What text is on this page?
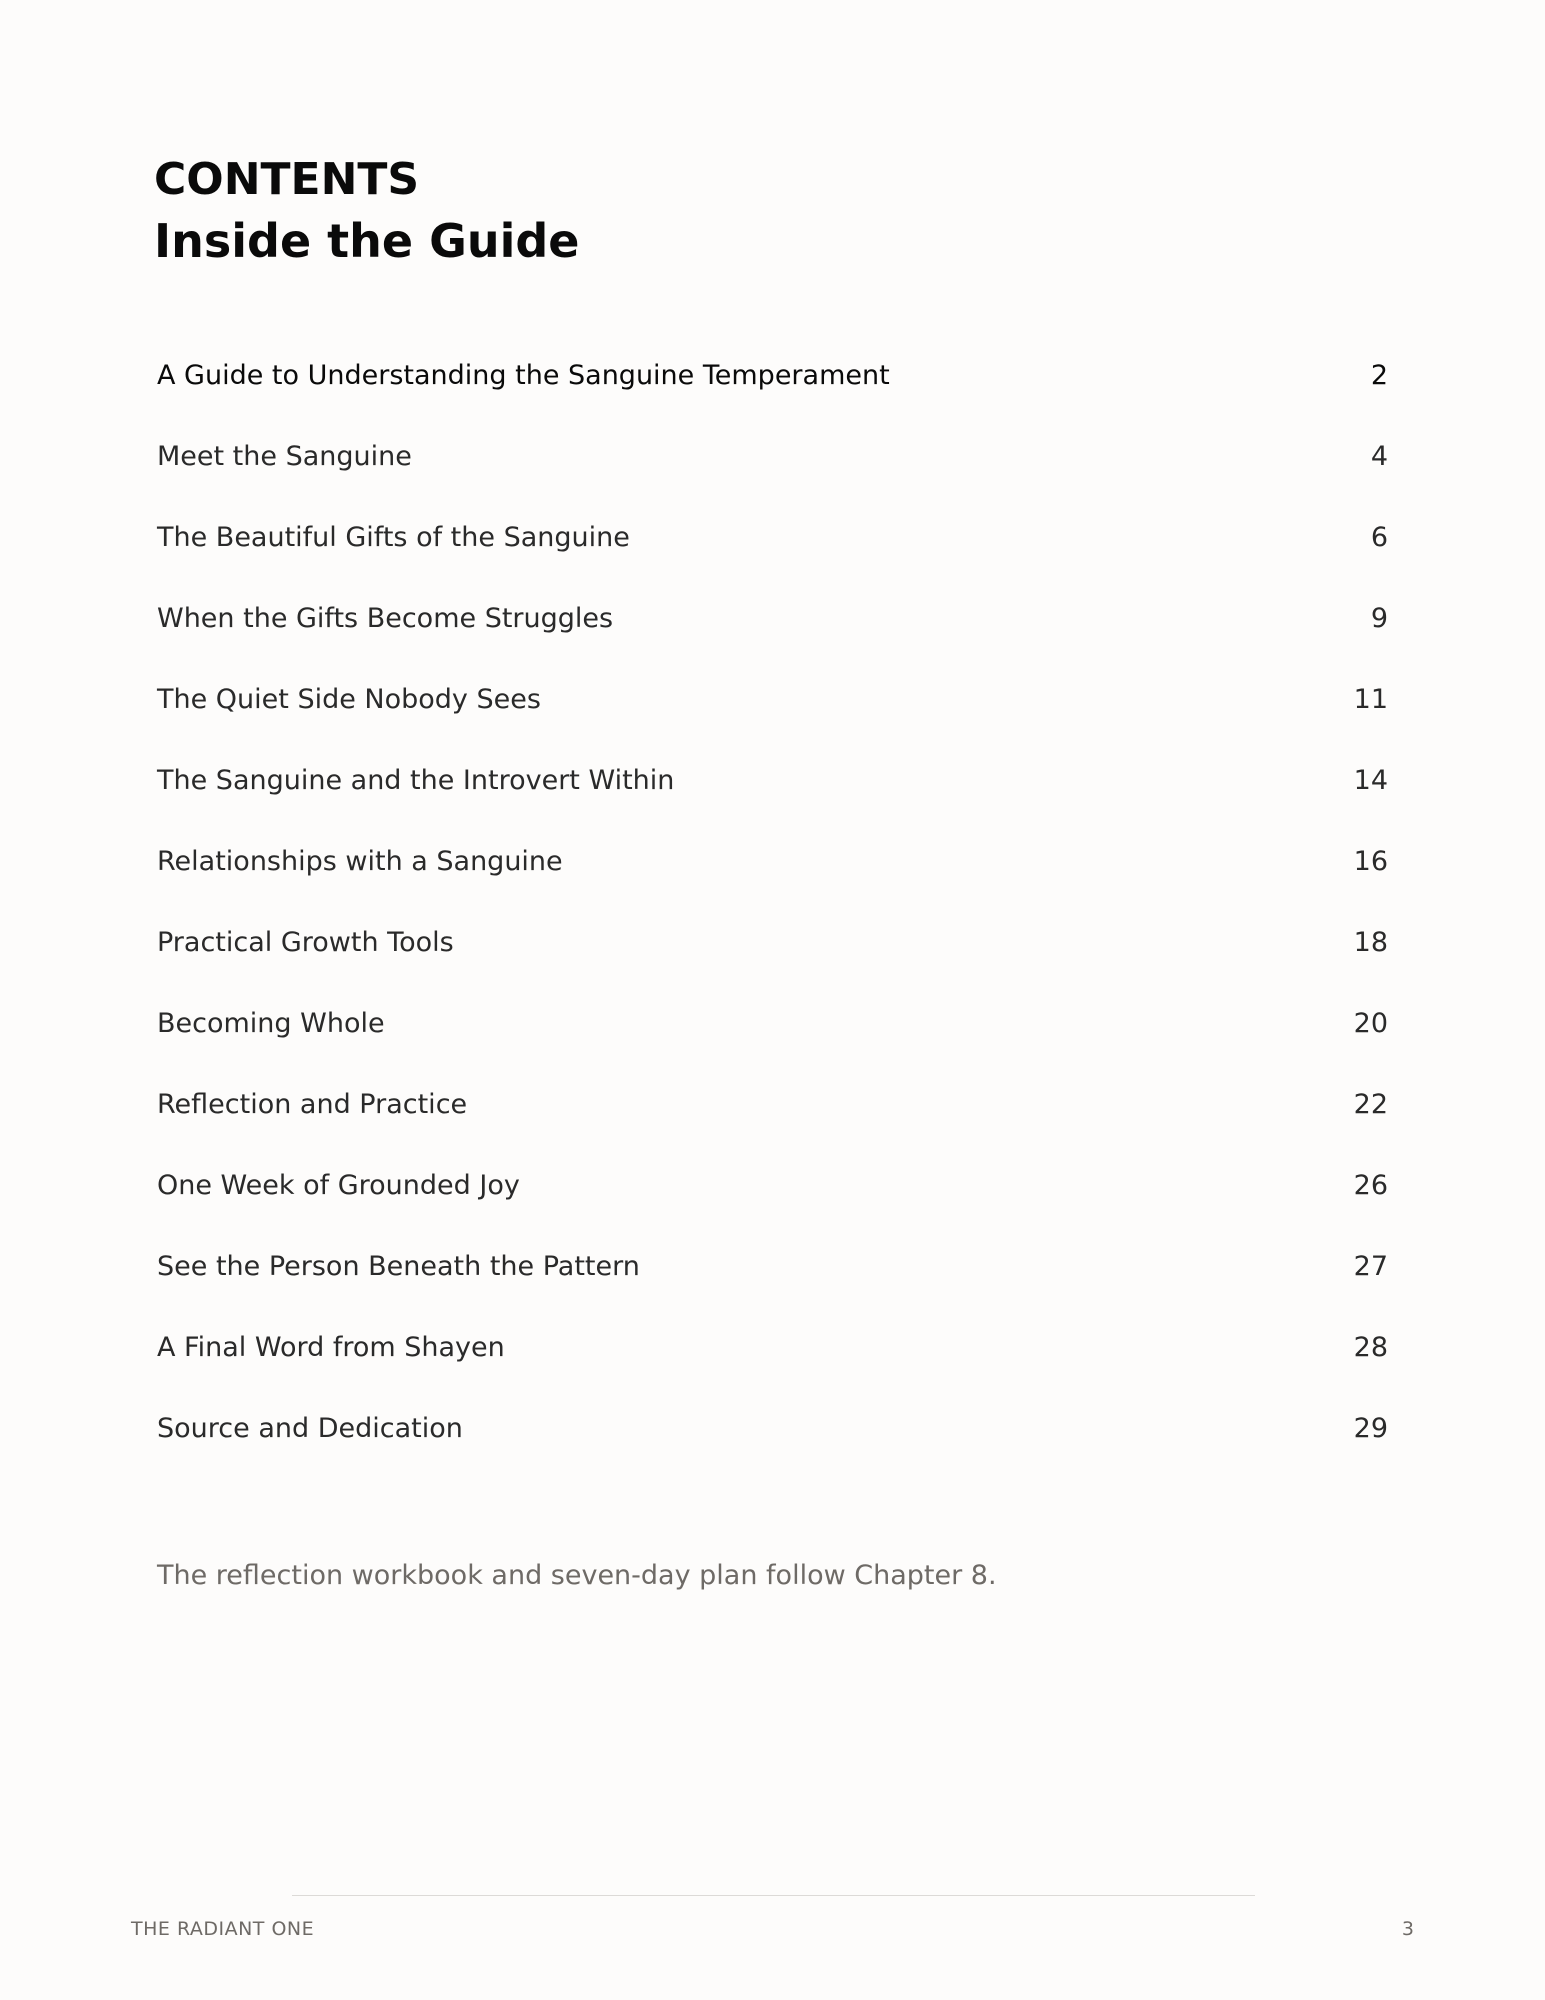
CONTENTS
Inside the Guide
A Guide to Understanding the Sanguine Temperament	2
Meet the Sanguine	4
The Beautiful Gifts of the Sanguine	6
When the Gifts Become Struggles	9
The Quiet Side Nobody Sees	11
The Sanguine and the Introvert Within	14
Relationships with a Sanguine	16
Practical Growth Tools	18
Becoming Whole	20
Reflection and Practice	22
One Week of Grounded Joy	26
See the Person Beneath the Pattern	27
A Final Word from Shayen	28
Source and Dedication	29

The reflection workbook and seven-day plan follow Chapter 8.

THE RADIANT ONE	3
